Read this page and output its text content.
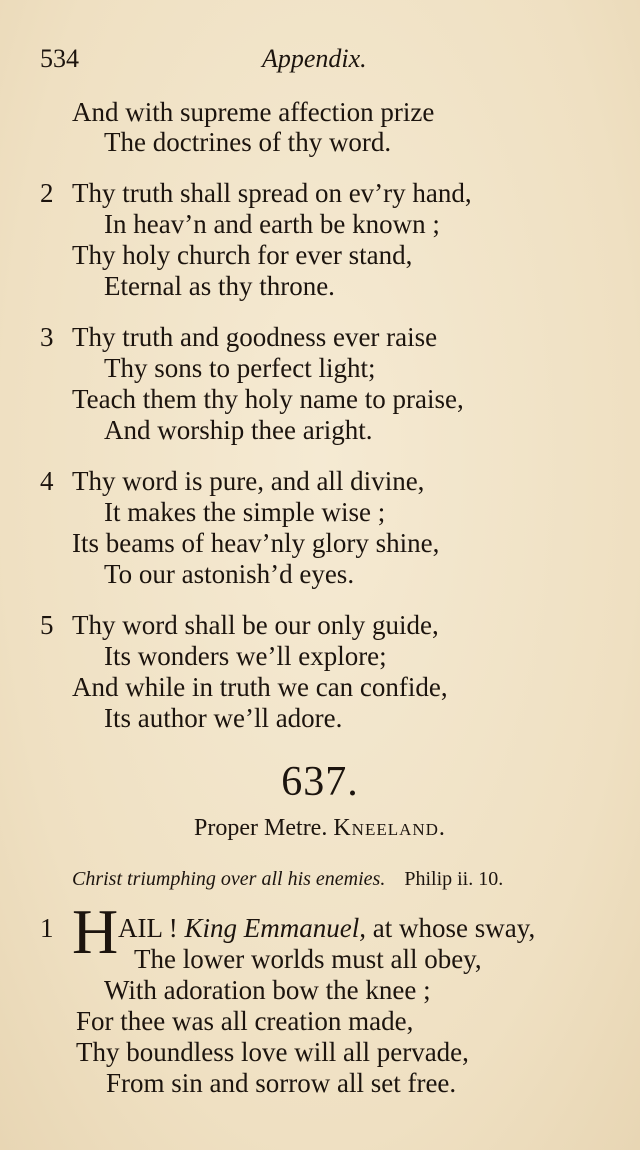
534	Appendix.
And with supreme affection prize
The doctrines of thy word.
2 Thy truth shall spread on ev’ry hand,
In heav’n and earth be known ;
Thy holy church for ever stand,
Eternal as thy throne.
3 Thy truth and goodness ever raise
Thy sons to perfect light;
Teach them thy holy name to praise,
And worship thee aright.
4 Thy word is pure, and all divine,
It makes the simple wise ;
Its beams of heav’nly glory shine,
To our astonish’d eyes.
5 Thy word shall be our only guide,
Its wonders we’ll explore;
And while in truth we can confide,
Its author we’ll adore.
637.
Proper Metre. Kneeland.
Christ triumphing over all his enemies. Philip ii. 10.
1 H AIL ! King Emmanuel, at whose sway,
The lower worlds must all obey,
With adoration bow the knee ;
For thee was all creation made,
Thy boundless love will all pervade,
From sin and sorrow all set free.
